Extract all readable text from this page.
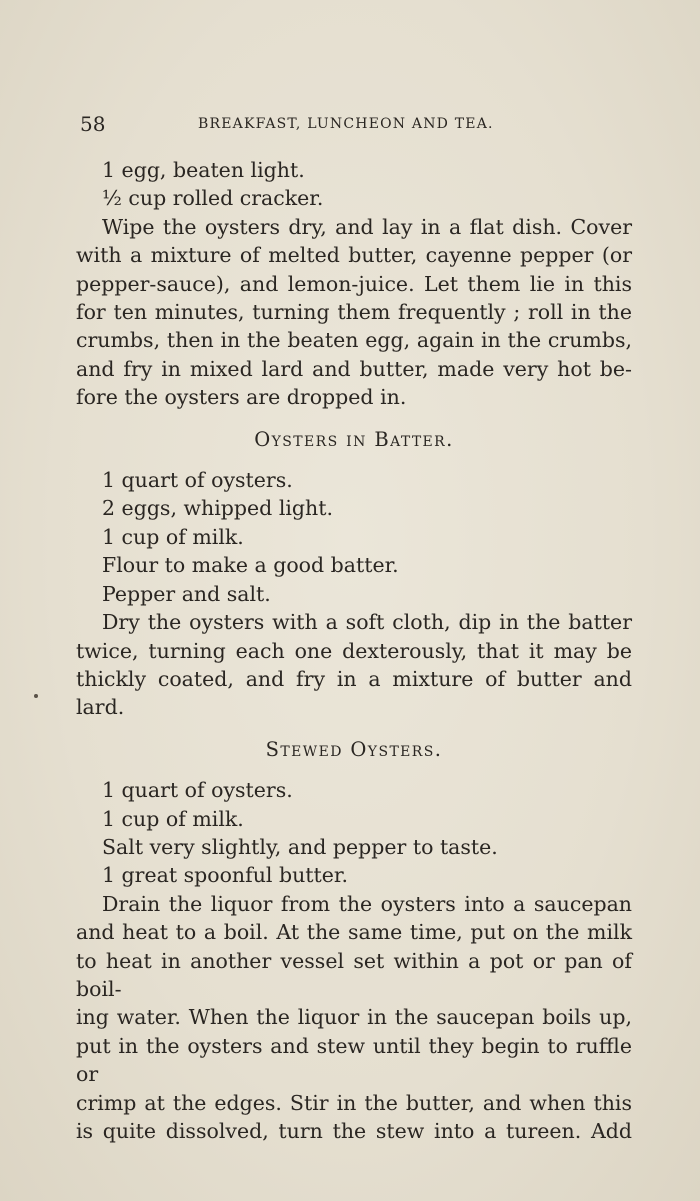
58	BREAKFAST, LUNCHEON AND TEA.
1 egg, beaten light.
½ cup rolled cracker.
Wipe the oysters dry, and lay in a flat dish. Cover
with a mixture of melted butter, cayenne pepper (or
pepper-sauce), and lemon-juice. Let them lie in this
for ten minutes, turning them frequently ; roll in the
crumbs, then in the beaten egg, again in the crumbs,
and fry in mixed lard and butter, made very hot be-
fore the oysters are dropped in.
Oysters in Batter.
1 quart of oysters.
2 eggs, whipped light.
1 cup of milk.
Flour to make a good batter.
Pepper and salt.
Dry the oysters with a soft cloth, dip in the batter
twice, turning each one dexterously, that it may be
thickly coated, and fry in a mixture of butter and lard.
Stewed Oysters.
1 quart of oysters.
1 cup of milk.
Salt very slightly, and pepper to taste.
1 great spoonful butter.
Drain the liquor from the oysters into a saucepan
and heat to a boil. At the same time, put on the milk
to heat in another vessel set within a pot or pan of boil-
ing water. When the liquor in the saucepan boils up,
put in the oysters and stew until they begin to ruffle or
crimp at the edges. Stir in the butter, and when this
is quite dissolved, turn the stew into a tureen. Add
